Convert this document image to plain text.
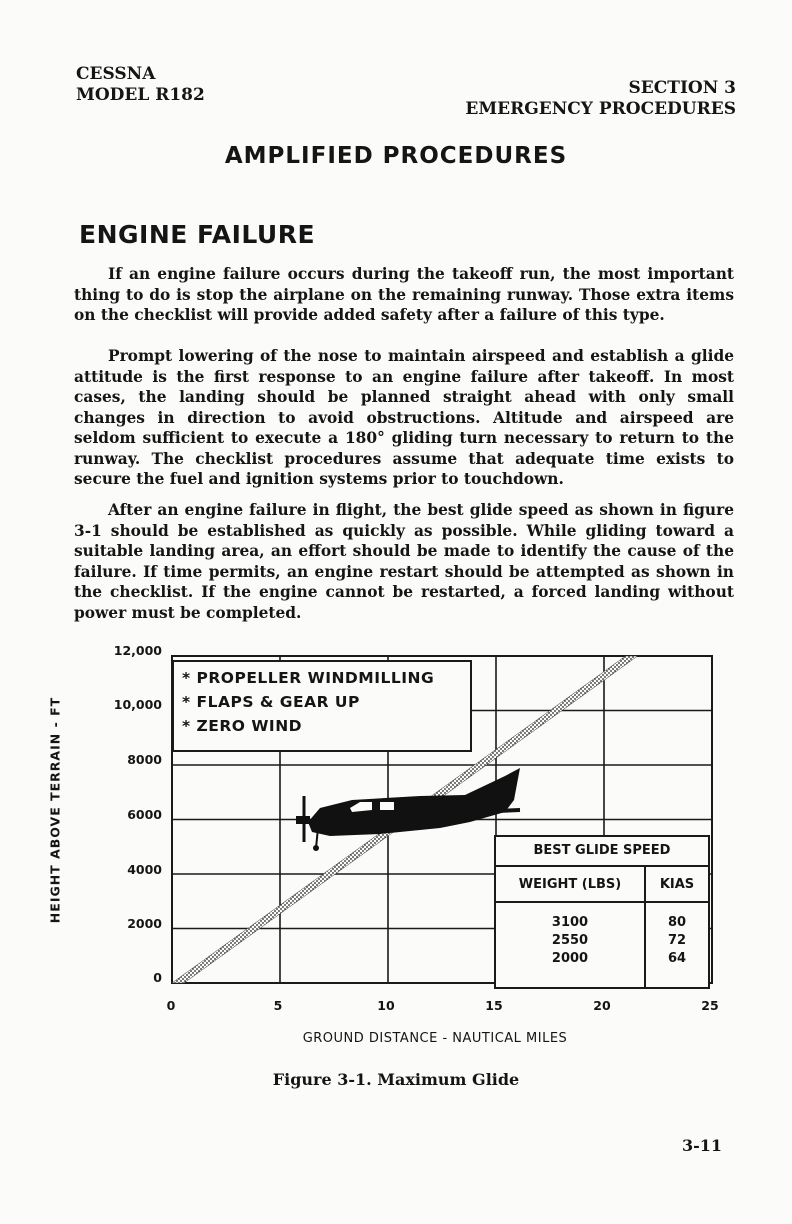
CESSNA
MODEL R182	SECTION 3
EMERGENCY PROCEDURES
AMPLIFIED PROCEDURES
ENGINE FAILURE

If an engine failure occurs during the takeoff run, the most important thing to do is stop the airplane on the remaining runway. Those extra items on the checklist will provide added safety after a failure of this type.

Prompt lowering of the nose to maintain airspeed and establish a glide attitude is the first response to an engine failure after takeoff. In most cases, the landing should be planned straight ahead with only small changes in direction to avoid obstructions. Altitude and airspeed are seldom sufficient to execute a 180° gliding turn necessary to return to the runway. The checklist procedures assume that adequate time exists to secure the fuel and ignition systems prior to touchdown.

After an engine failure in flight, the best glide speed as shown in figure 3-1 should be established as quickly as possible. While gliding toward a suitable landing area, an effort should be made to identify the cause of the failure. If time permits, an engine restart should be attempted as shown in the checklist. If the engine cannot be restarted, a forced landing without power must be completed.

HEIGHT ABOVE TERRAIN - FT
12,000
10,000
8000
6000
4000
2000
0
0	5	10	15	20	25
* PROPELLER WINDMILLING
* FLAPS & GEAR UP
* ZERO WIND
BEST GLIDE SPEED
WEIGHT (LBS)	KIAS
3100	80
2550	72
2000	64
GROUND DISTANCE - NAUTICAL MILES
Figure 3-1. Maximum Glide
3-11
